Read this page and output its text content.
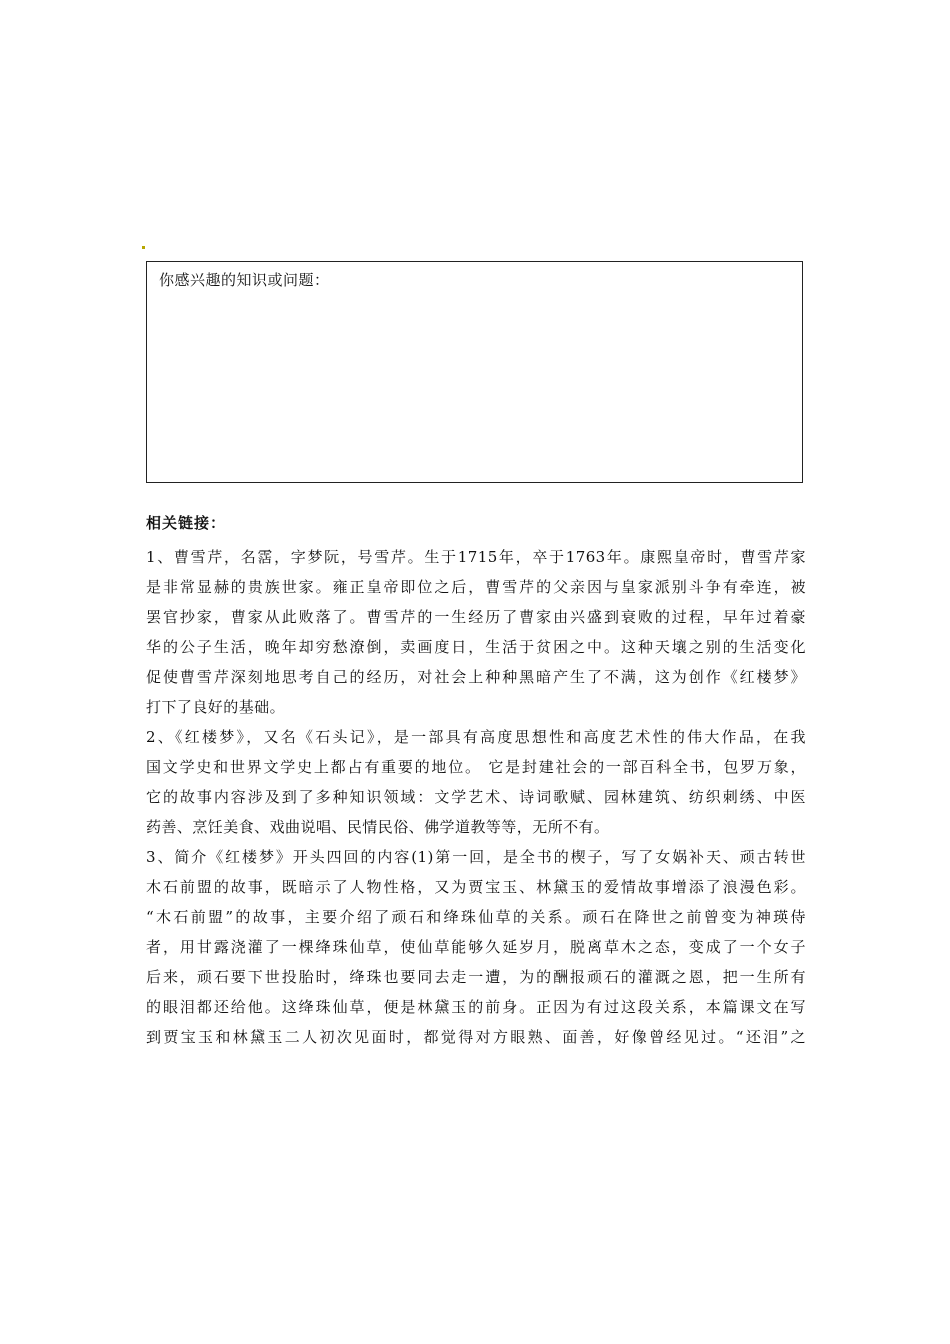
你感兴趣的知识或问题：
相关链接：
1、曹雪芹，名霑，字梦阮，号雪芹。生于1715年，卒于1763年。康熙皇帝时，曹雪芹家
是非常显赫的贵族世家。雍正皇帝即位之后，曹雪芹的父亲因与皇家派别斗争有牵连，被
罢官抄家，曹家从此败落了。曹雪芹的一生经历了曹家由兴盛到衰败的过程，早年过着豪
华的公子生活，晚年却穷愁潦倒，卖画度日，生活于贫困之中。这种天壤之别的生活变化
促使曹雪芹深刻地思考自己的经历，对社会上种种黑暗产生了不满，这为创作《红楼梦》
打下了良好的基础。
2、《红楼梦》，又名《石头记》，是一部具有高度思想性和高度艺术性的伟大作品，在我
国文学史和世界文学史上都占有重要的地位。 它是封建社会的一部百科全书，包罗万象，
它的故事内容涉及到了多种知识领域：文学艺术、诗词歌赋、园林建筑、纺织刺绣、中医
药善、烹饪美食、戏曲说唱、民情民俗、佛学道教等等，无所不有。
3、简介《红楼梦》开头四回的内容(1)第一回，是全书的楔子，写了女娲补天、顽古转世
木石前盟的故事，既暗示了人物性格，又为贾宝玉、林黛玉的爱情故事增添了浪漫色彩。
“木石前盟”的故事，主要介绍了顽石和绛珠仙草的关系。顽石在降世之前曾变为神瑛侍
者，用甘露浇灌了一棵绛珠仙草，使仙草能够久延岁月，脱离草木之态，变成了一个女子
后来，顽石要下世投胎时，绛珠也要同去走一遭，为的酬报顽石的灌溉之恩，把一生所有
的眼泪都还给他。这绛珠仙草，便是林黛玉的前身。正因为有过这段关系，本篇课文在写
到贾宝玉和林黛玉二人初次见面时，都觉得对方眼熟、面善，好像曾经见过。“还泪”之
